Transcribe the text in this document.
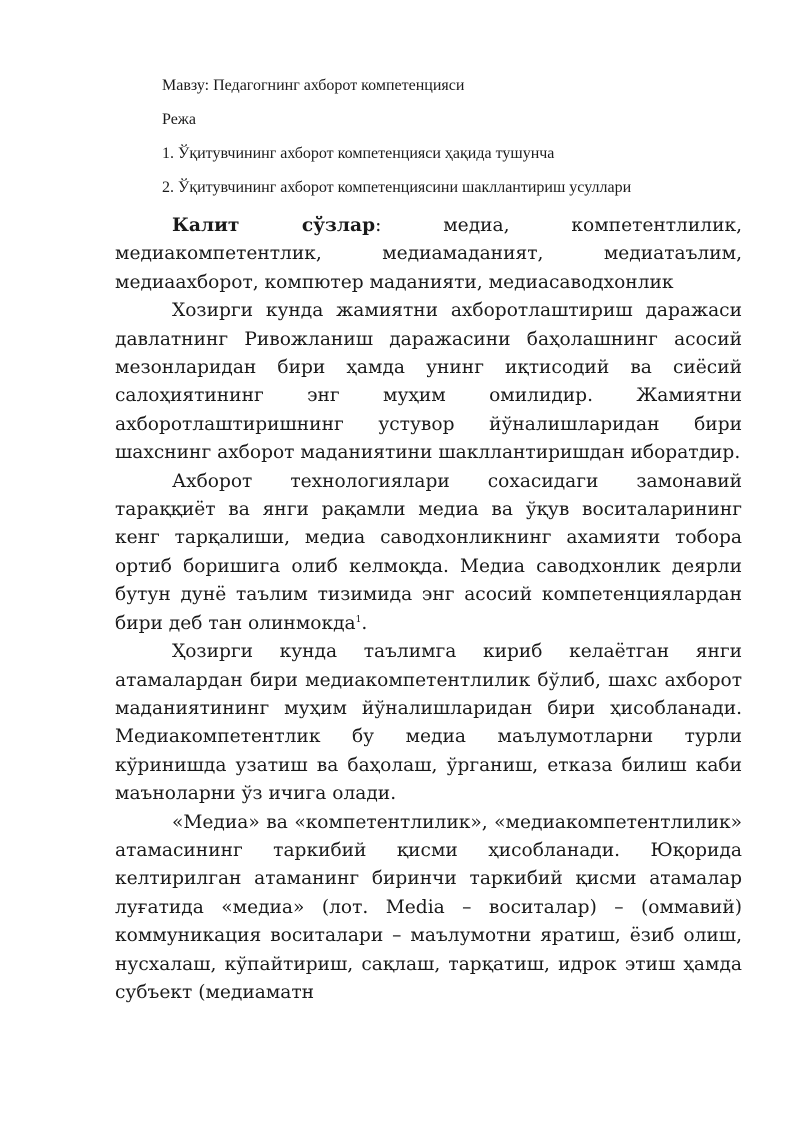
Мавзу: Педагогнинг ахборот компетенцияси

Режа

1. Ўқитувчининг ахборот компетенцияси ҳақида тушунча

2. Ўқитувчининг ахборот компетенциясини шакллантириш усуллари

Калит сўзлар: медиа, компетентлилик, медиакомпетентлик, медиамаданият, медиатаълим, медиаахборот, компютер маданияти, медиасаводхонлик

Хозирги кунда жамиятни ахборотлаштириш даражаси давлатнинг Ривожланиш даражасини баҳолашнинг асосий мезонларидан бири ҳамда унинг иқтисодий ва сиёсий салоҳиятининг энг муҳим омилидир. Жамиятни ахборотлаштиришнинг устувор йўналишларидан бири шахснинг ахборот маданиятини шакллантиришдан иборатдир.

Ахборот технологиялари сохасидаги замонавий тараққиёт ва янги рақамли медиа ва ўқув воситаларининг кенг тарқалиши, медиа саводхонликнинг ахамияти тобора ортиб боришига олиб келмоқда. Медиа саводхонлик деярли бутун дунё таълим тизимида энг асосий компетенциялардан бири деб тан олинмокда$^1$.

Ҳозирги кунда таълимга кириб келаётган янги атамалардан бири медиакомпетентлилик бўлиб, шахс ахборот маданиятининг муҳим йўналишларидан бири ҳисобланади. Медиакомпетентлик бу медиа маълумотларни турли кўринишда узатиш ва баҳолаш, ўрганиш, етказа билиш каби маъноларни ўз ичига олади.

«Медиа» ва «компетентлилик», «медиакомпетентлилик» атамасининг таркибий қисми ҳисобланади. Юқорида келтирилган атаманинг биринчи таркибий қисми атамалар луғатида «медиа» (лот. Media – воситалар) – (оммавий) коммуникация воситалари – маълумотни яратиш, ёзиб олиш, нусхалаш, кўпайтириш, сақлаш, тарқатиш, идрок этиш ҳамда субъект (медиаматн
